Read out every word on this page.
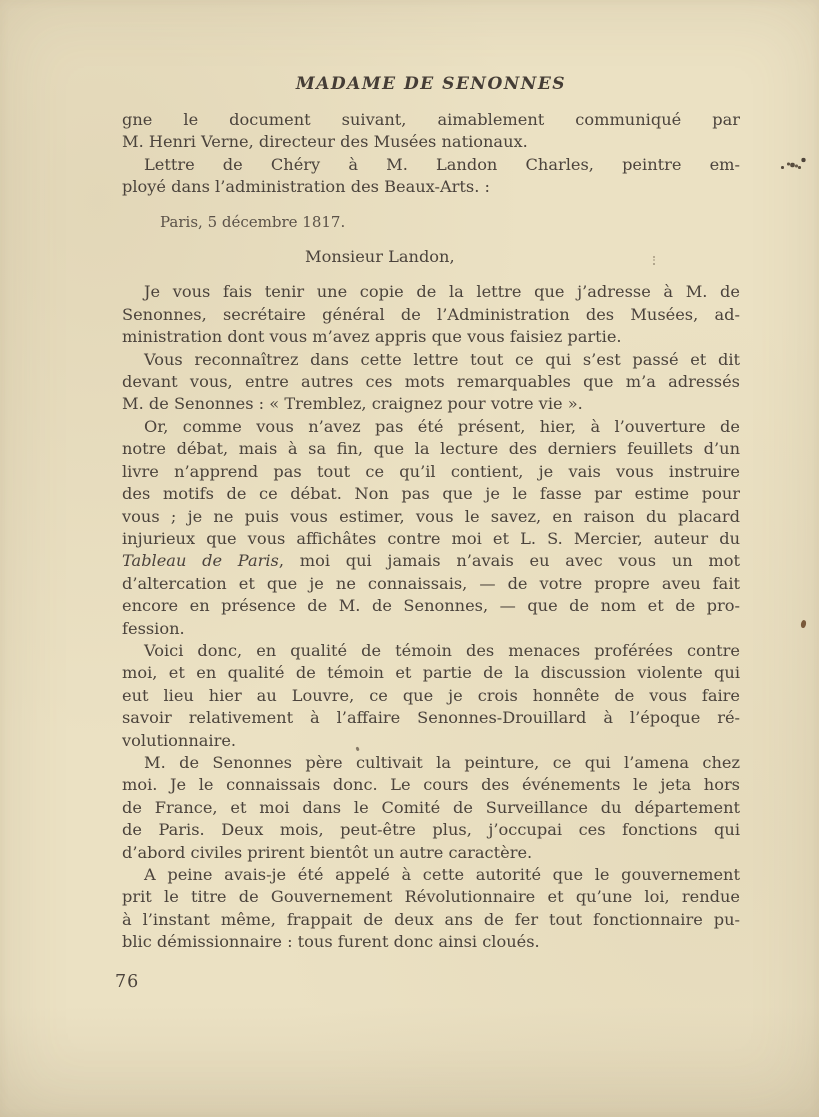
MADAME DE SENONNES
gne le document suivant, aimablement communiqué par
M. Henri Verne, directeur des Musées nationaux.
Lettre de Chéry à M. Landon Charles, peintre em-
ployé dans l’administration des Beaux-Arts. :
Paris, 5 décembre 1817.
Monsieur Landon,
Je vous fais tenir une copie de la lettre que j’adresse à M. de
Senonnes, secrétaire général de l’Administration des Musées, ad-
ministration dont vous m’avez appris que vous faisiez partie.
Vous reconnaîtrez dans cette lettre tout ce qui s’est passé et dit
devant vous, entre autres ces mots remarquables que m’a adressés
M. de Senonnes : « Tremblez, craignez pour votre vie ».
Or, comme vous n’avez pas été présent, hier, à l’ouverture de
notre débat, mais à sa fin, que la lecture des derniers feuillets d’un
livre n’apprend pas tout ce qu’il contient, je vais vous instruire
des motifs de ce débat. Non pas que je le fasse par estime pour
vous ; je ne puis vous estimer, vous le savez, en raison du placard
injurieux que vous affichâtes contre moi et L. S. Mercier, auteur du
Tableau de Paris, moi qui jamais n’avais eu avec vous un mot
d’altercation et que je ne connaissais, — de votre propre aveu fait
encore en présence de M. de Senonnes, — que de nom et de pro-
fession.
Voici donc, en qualité de témoin des menaces proférées contre
moi, et en qualité de témoin et partie de la discussion violente qui
eut lieu hier au Louvre, ce que je crois honnête de vous faire
savoir relativement à l’affaire Senonnes-Drouillard à l’époque ré-
volutionnaire.
M. de Senonnes père cultivait la peinture, ce qui l’amena chez
moi. Je le connaissais donc. Le cours des événements le jeta hors
de France, et moi dans le Comité de Surveillance du département
de Paris. Deux mois, peut-être plus, j’occupai ces fonctions qui
d’abord civiles prirent bientôt un autre caractère.
A peine avais-je été appelé à cette autorité que le gouvernement
prit le titre de Gouvernement Révolutionnaire et qu’une loi, rendue
à l’instant même, frappait de deux ans de fer tout fonctionnaire pu-
blic démissionnaire : tous furent donc ainsi cloués.
76
